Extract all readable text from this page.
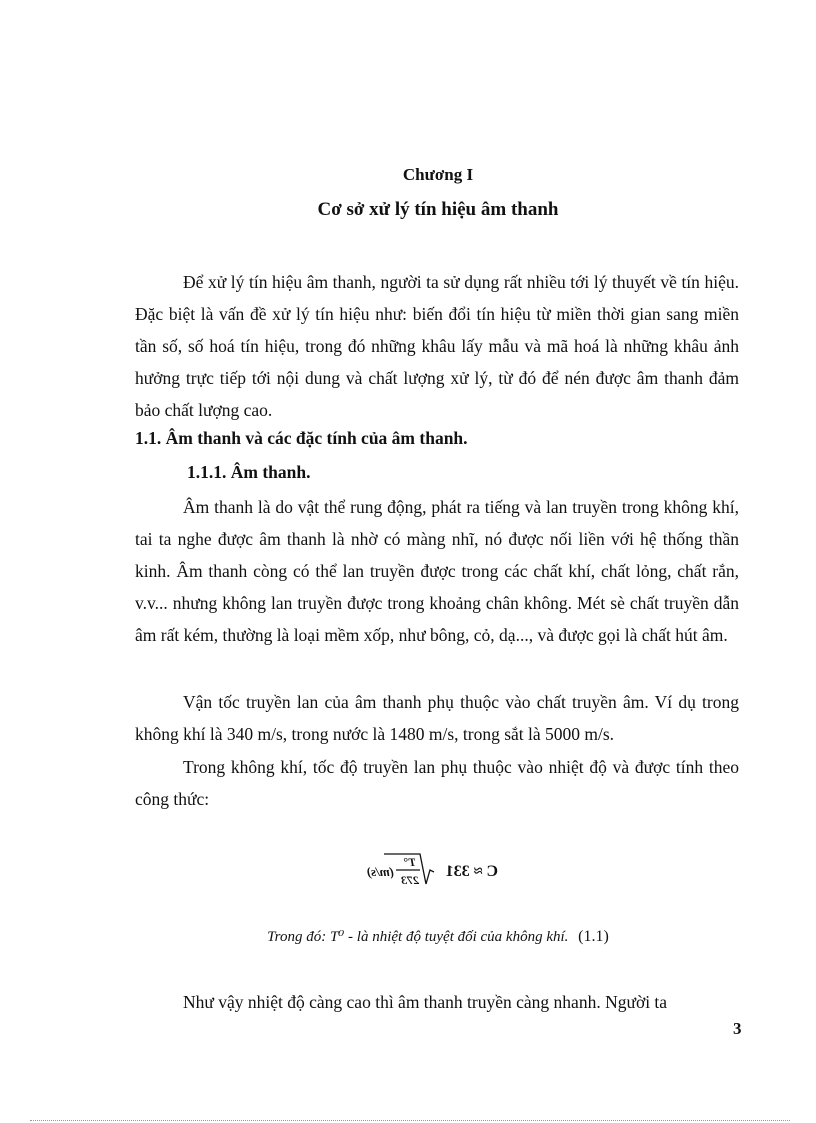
Chương I
Cơ sở xử lý tín hiệu âm thanh

Để xử lý tín hiệu âm thanh, người ta sử dụng rất nhiều tới lý thuyết về tín hiệu. Đặc biệt là vấn đề xử lý tín hiệu như: biến đổi tín hiệu từ miền thời gian sang miền tần số, số hoá tín hiệu, trong đó những khâu lấy mẫu và mã hoá là những khâu ảnh hưởng trực tiếp tới nội dung và chất lượng xử lý, từ đó để nén được âm thanh đảm bảo chất lượng cao.

1.1. Âm thanh và các đặc tính của âm thanh.
1.1.1. Âm thanh.

Âm thanh là do vật thể rung động, phát ra tiếng và lan truyền trong không khí, tai ta nghe được âm thanh là nhờ có màng nhĩ, nó được nối liền với hệ thống thần kinh. Âm thanh còng có thể lan truyền được trong các chất khí, chất lỏng, chất rắn, v.v... nhưng không lan truyền được trong khoảng chân không. Mét sè chất truyền dẫn âm rất kém, thường là loại mềm xốp, như bông, cỏ, dạ..., và được gọi là chất hút âm.

Vận tốc truyền lan của âm thanh phụ thuộc vào chất truyền âm. Ví dụ trong không khí là 340 m/s, trong nước là 1480 m/s, trong sắt là 5000 m/s.

Trong không khí, tốc độ truyền lan phụ thuộc vào nhiệt độ và được tính theo công thức:

C ≈ 331
T°
273
(m/s)
Trong đó: T⁰ - là nhiệt độ tuyệt đối của không khí. (1.1)

Như vậy nhiệt độ càng cao thì âm thanh truyền càng nhanh. Người ta

3
